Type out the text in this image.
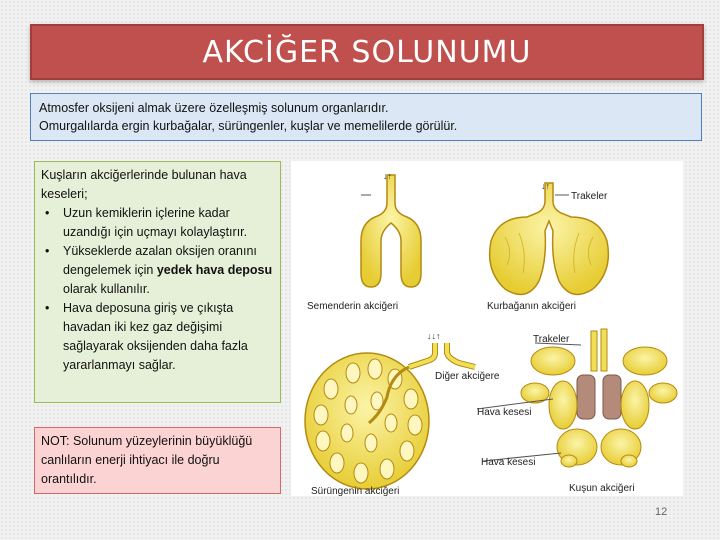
AKCİĞER SOLUNUMU
Atmosfer oksijeni almak üzere özelleşmiş solunum organlarıdır.
Omurgalılarda ergin kurbağalar, sürüngenler, kuşlar ve memelilerde görülür.
Kuşların akciğerlerinde bulunan hava keseleri;
• Uzun kemiklerin içlerine kadar uzandığı için uçmayı kolaylaştırır.
• Yükseklerde azalan oksijen oranını dengelemek için yedek hava deposu olarak kullanılır.
• Hava deposuna giriş ve çıkışta havadan iki kez gaz değişimi sağlayarak oksijenden daha fazla yararlanmayı sağlar.
NOT: Solunum yüzeylerinin büyüklüğü canlıların enerji ihtiyacı ile doğru orantılıdır.
↓↑
Semenderin akciğeri
↓↑
Trakeler
Kurbağanın akciğeri
↓↓↑
Diğer akciğere
Sürüngenin akciğeri
Trakeler
Hava kesesi
Hava kesesi
Kuşun akciğeri
12
